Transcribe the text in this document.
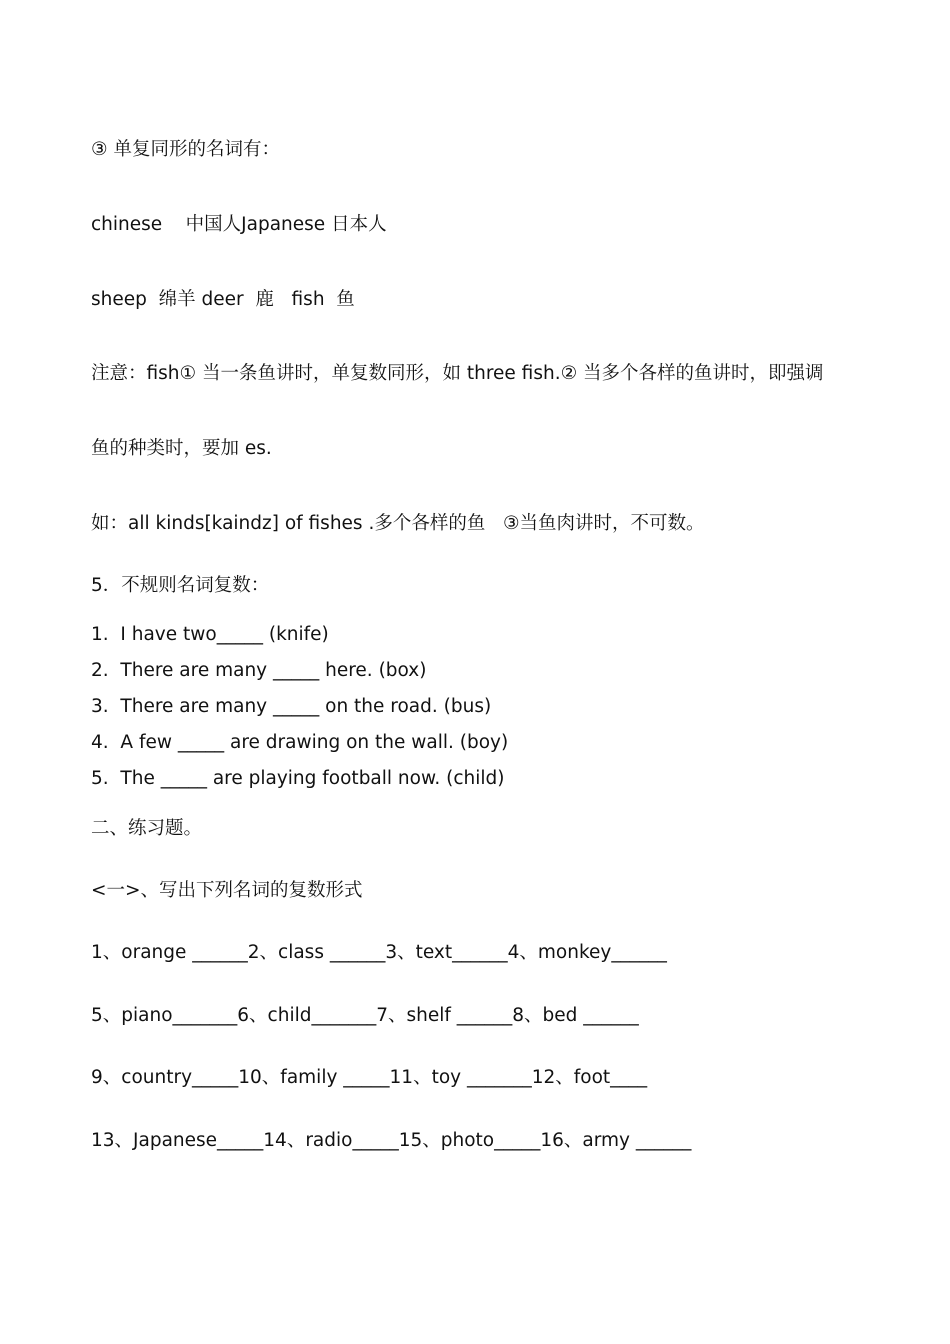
③ 单复同形的名词有：

chinese    中国人Japanese 日本人

sheep  绵羊 deer  鹿   fish  鱼

注意：fish① 当一条鱼讲时，单复数同形，如 three fish.② 当多个各样的鱼讲时，即强调

鱼的种类时，要加 es.

如：all kinds[kaindz] of fishes .多个各样的鱼   ③当鱼肉讲时，不可数。

5．不规则名词复数：

1.  I have two_____ (knife)

2.  There are many _____ here. (box)

3.  There are many _____ on the road. (bus)

4.  A few _____ are drawing on the wall. (boy)

5.  The _____ are playing football now. (child)

二、练习题。

<一>、写出下列名词的复数形式

1、orange ______2、class ______3、text______4、monkey______

5、piano_______6、child_______7、shelf ______8、bed ______

9、country_____10、family _____11、toy _______12、foot____

13、Japanese_____14、radio_____15、photo_____16、army ______
